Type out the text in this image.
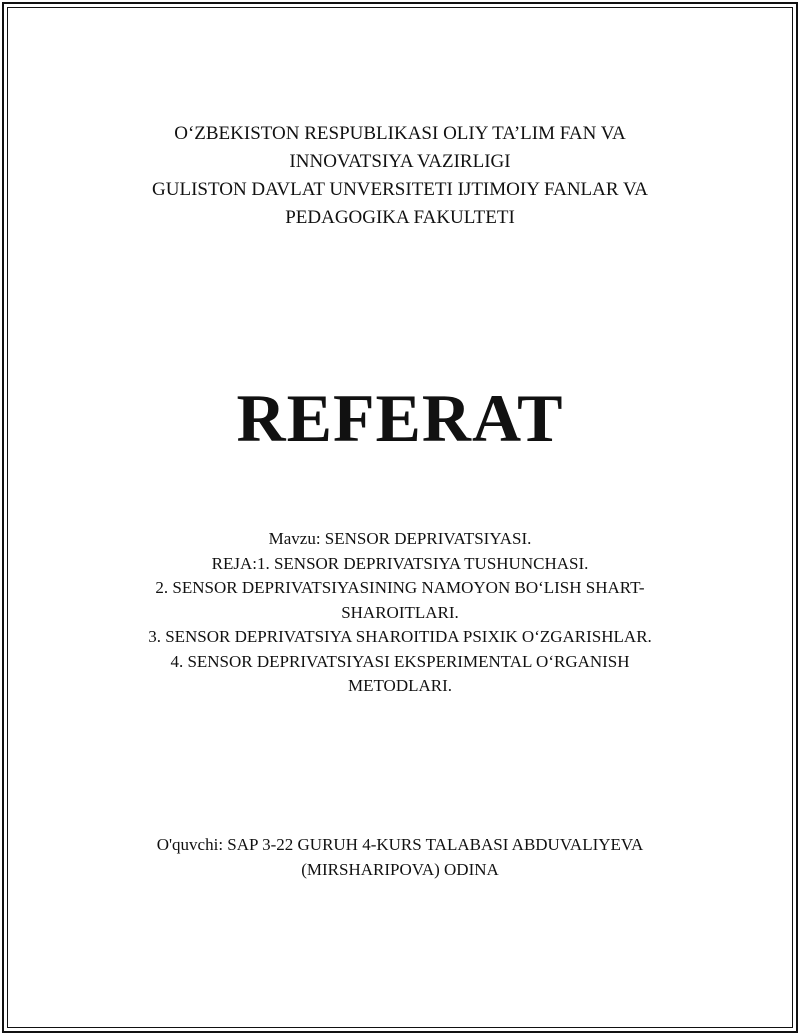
O‘ZBEKISTON RESPUBLIKASI OLIY TA’LIM FAN VA
INNOVATSIYA VAZIRLIGI
GULISTON DAVLAT UNVERSITETI IJTIMOIY FANLAR VA
PEDAGOGIKA FAKULTETI
REFERAT
Mavzu: SENSOR DEPRIVATSIYASI.
REJA:1. SENSOR DEPRIVATSIYA TUSHUNCHASI.
2. SENSOR DEPRIVATSIYASINING NAMOYON BO‘LISH SHART-
SHAROITLARI.
3. SENSOR DEPRIVATSIYA SHAROITIDA PSIXIK O‘ZGARISHLAR.
4. SENSOR DEPRIVATSIYASI EKSPERIMENTAL O‘RGANISH
METODLARI.
O'quvchi: SAP 3-22 GURUH 4-KURS TALABASI ABDUVALIYEVA
(MIRSHARIPOVA) ODINA
